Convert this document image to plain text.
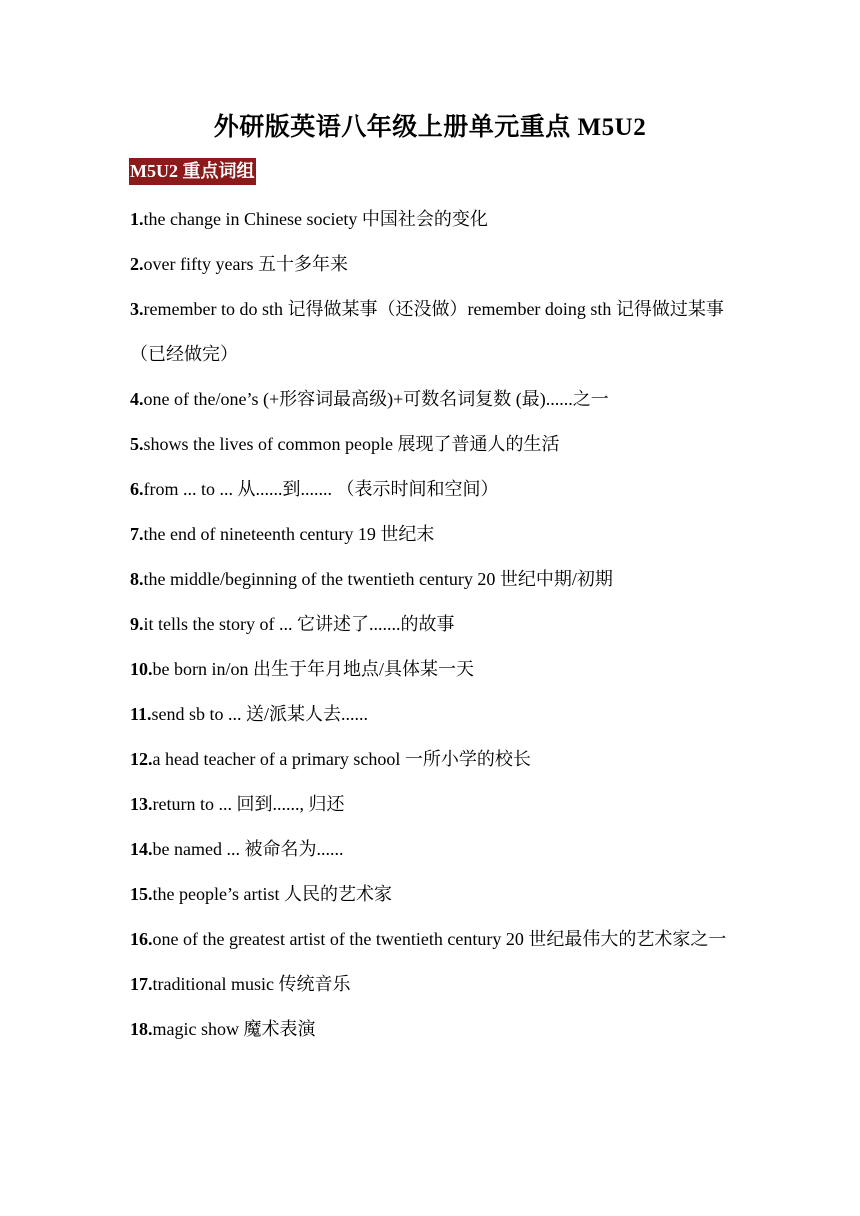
外研版英语八年级上册单元重点 M5U2
M5U2 重点词组
1.the change in Chinese society 中国社会的变化
2.over fifty years 五十多年来
3.remember to do sth 记得做某事（还没做）remember doing sth 记得做过某事（已经做完）
4.one of the/one’s (+形容词最高级)+可数名词复数 (最)......之一
5.shows the lives of common people 展现了普通人的生活
6.from ... to ... 从......到....... （表示时间和空间）
7.the end of nineteenth century 19 世纪末
8.the middle/beginning of the twentieth century 20 世纪中期/初期
9.it tells the story of ... 它讲述了.......的故事
10.be born in/on 出生于年月地点/具体某一天
11.send sb to ... 送/派某人去......
12.a head teacher of a primary school 一所小学的校长
13.return to ... 回到......, 归还
14.be named ... 被命名为......
15.the people’s artist 人民的艺术家
16.one of the greatest artist of the twentieth century 20 世纪最伟大的艺术家之一
17.traditional music 传统音乐
18.magic show 魔术表演
